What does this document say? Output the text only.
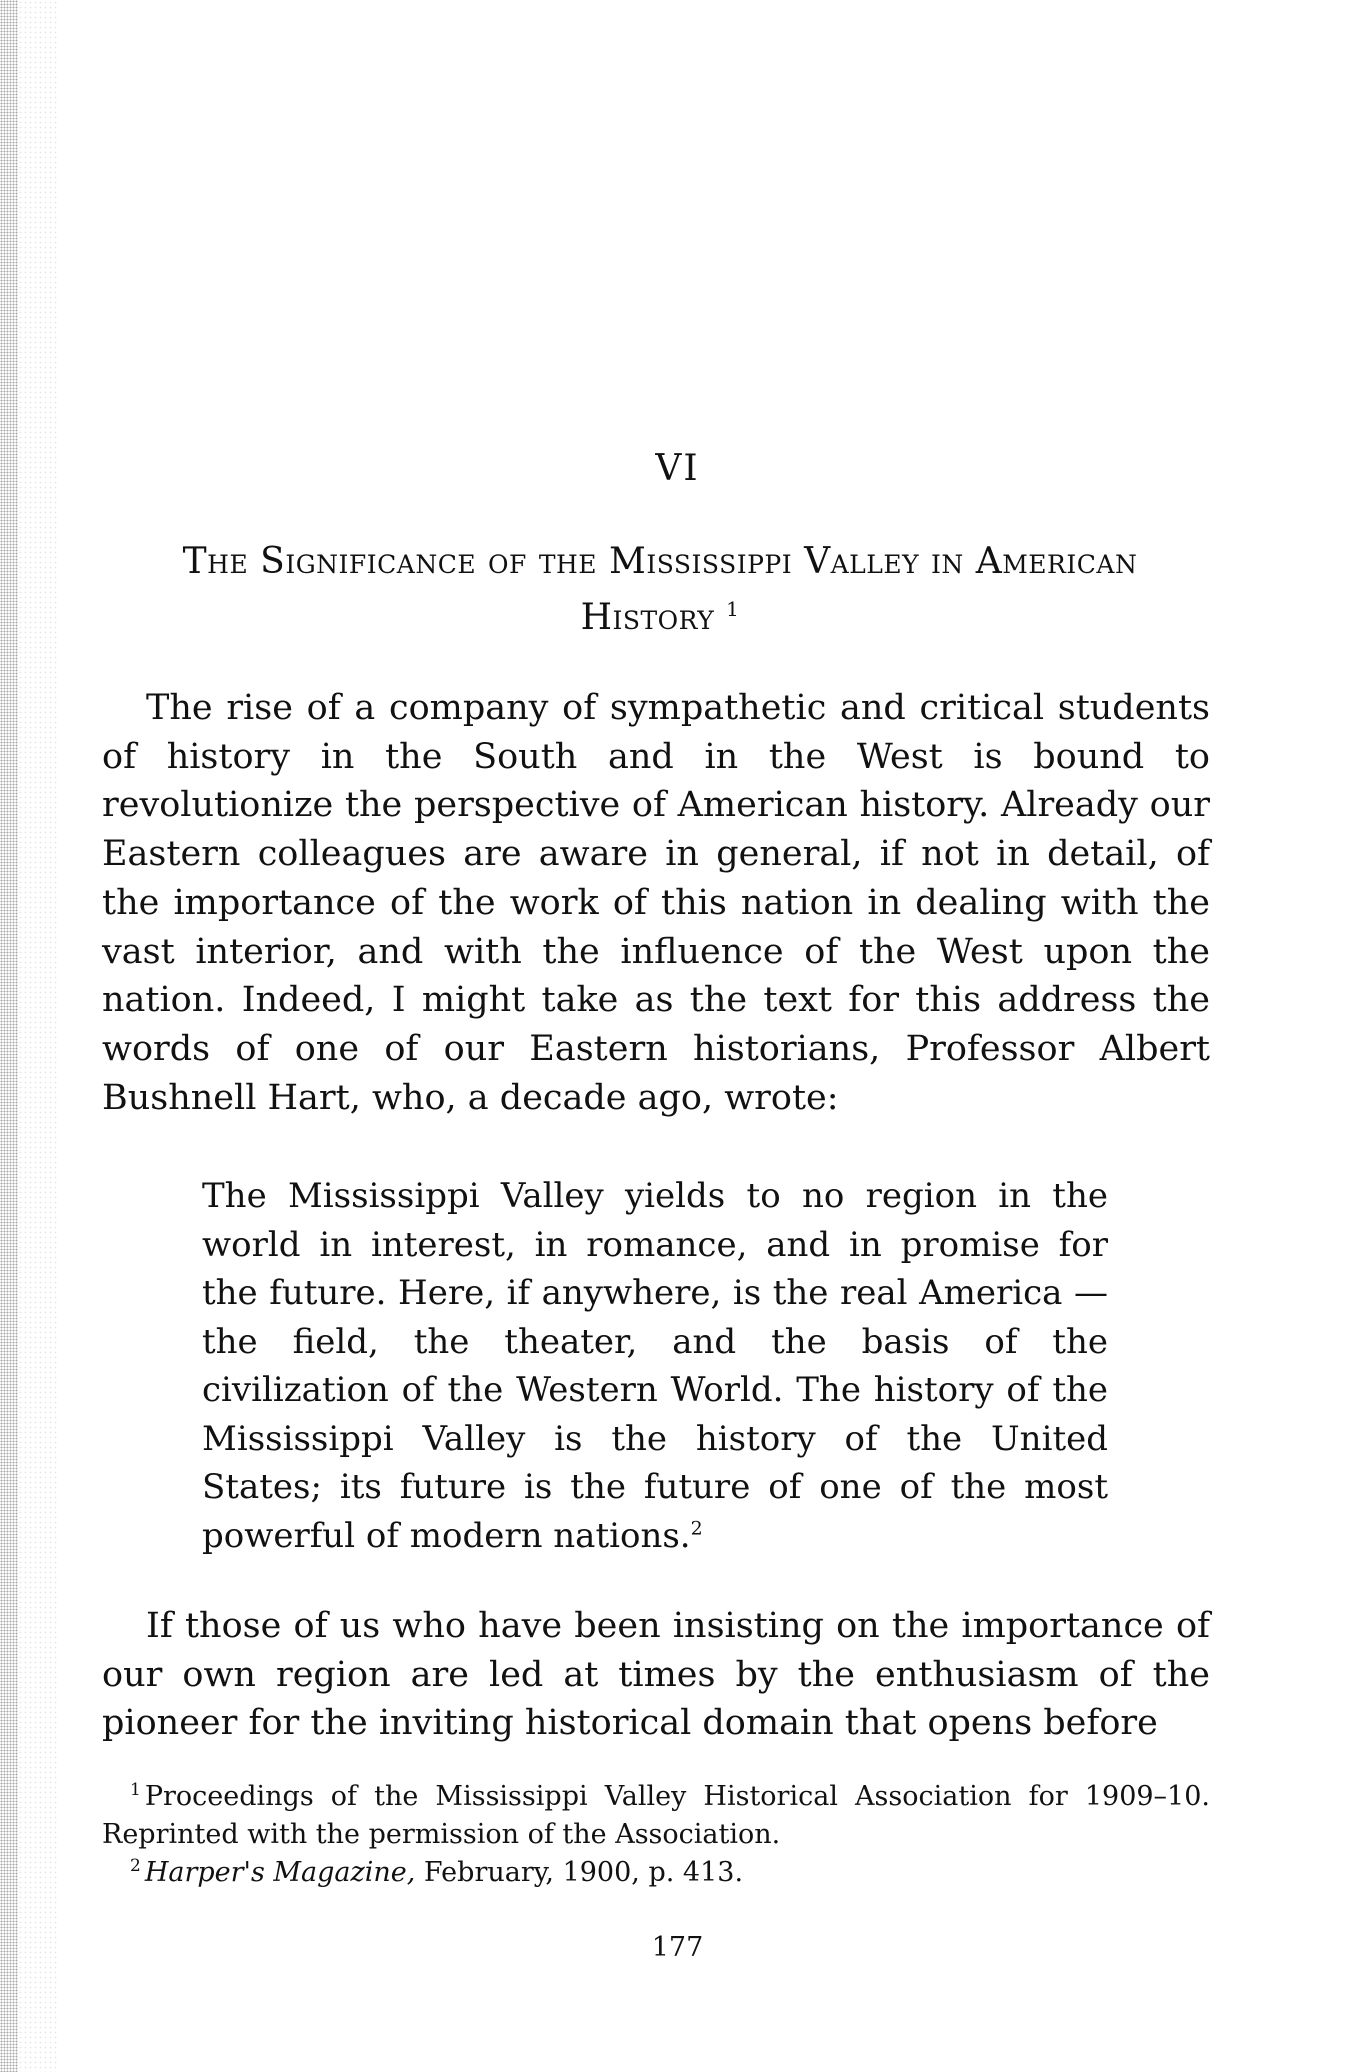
VI
The Significance of the Mississippi Valley in American
History $^1$

The rise of a company of sympathetic and critical students of history in the South and in the West is bound to revolutionize the perspective of American history. Already our Eastern colleagues are aware in general, if not in detail, of the importance of the work of this nation in dealing with the vast interior, and with the influence of the West upon the nation. Indeed, I might take as the text for this address the words of one of our Eastern historians, Professor Albert Bushnell Hart, who, a decade ago, wrote:

The Mississippi Valley yields to no region in the world in interest, in romance, and in promise for the future. Here, if anywhere, is the real America — the field, the theater, and the basis of the civilization of the Western World. The history of the Mississippi Valley is the history of the United States; its future is the future of one of the most powerful of modern nations.$^2$

If those of us who have been insisting on the importance of our own region are led at times by the enthusiasm of the pioneer for the inviting historical domain that opens before

$^1$ Proceedings of the Mississippi Valley Historical Association for 1909–10. Reprinted with the permission of the Association.

$^2$ Harper's Magazine, February, 1900, p. 413.

177
